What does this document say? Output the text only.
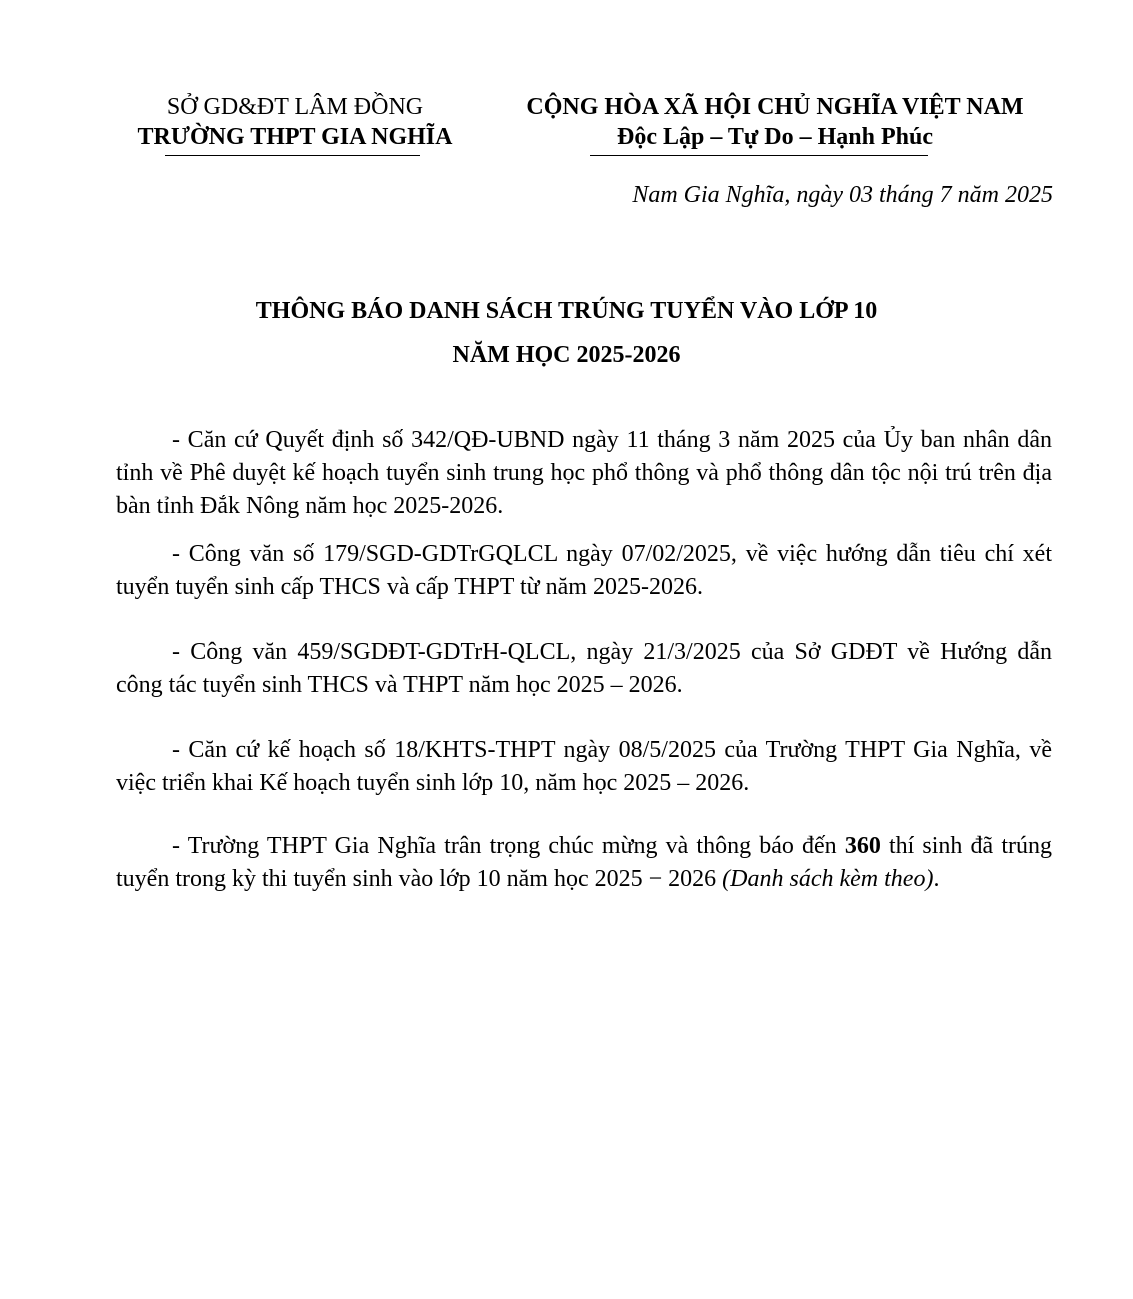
SỞ GD&ĐT LÂM ĐỒNG
TRƯỜNG THPT GIA NGHĨA
CỘNG HÒA XÃ HỘI CHỦ NGHĨA VIỆT NAM
Độc Lập – Tự Do – Hạnh Phúc
Nam Gia Nghĩa, ngày 03 tháng 7 năm 2025
THÔNG BÁO DANH SÁCH TRÚNG TUYỂN VÀO LỚP 10
NĂM HỌC 2025-2026

- Căn cứ Quyết định số 342/QĐ-UBND ngày 11 tháng 3 năm 2025 của Ủy ban nhân dân tỉnh về Phê duyệt kế hoạch tuyển sinh trung học phổ thông và phổ thông dân tộc nội trú trên địa bàn tỉnh Đắk Nông năm học 2025-2026.

- Công văn số 179/SGD-GDTrGQLCL ngày 07/02/2025, về việc hướng dẫn tiêu chí xét tuyển tuyển sinh cấp THCS và cấp THPT từ năm 2025-2026.

- Công văn 459/SGDĐT-GDTrH-QLCL, ngày 21/3/2025 của Sở GDĐT về Hướng dẫn công tác tuyển sinh THCS và THPT năm học 2025 – 2026.

- Căn cứ kế hoạch số 18/KHTS-THPT ngày 08/5/2025 của Trường THPT Gia Nghĩa, về việc triển khai Kế hoạch tuyển sinh lớp 10, năm học 2025 – 2026.

- Trường THPT Gia Nghĩa trân trọng chúc mừng và thông báo đến 360 thí sinh đã trúng tuyển trong kỳ thi tuyển sinh vào lớp 10 năm học 2025 − 2026 (Danh sách kèm theo).
